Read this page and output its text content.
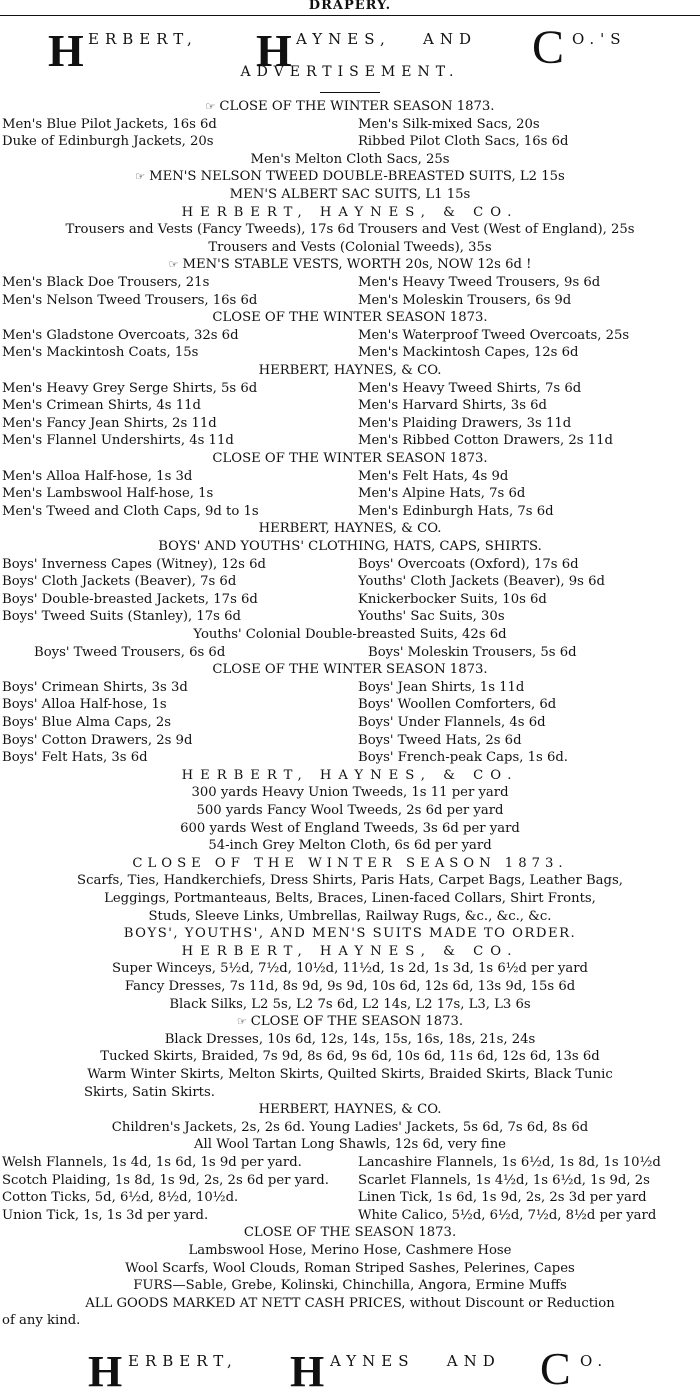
DRAPERY.
H ERBERT, H AYNES,   AND C O.'S
ADVERTISEMENT.
☞ CLOSE OF THE WINTER SEASON 1873.
Men's Blue Pilot Jackets, 16s 6d	Men's Silk-mixed Sacs, 20s
Duke of Edinburgh Jackets, 20s	Ribbed Pilot Cloth Sacs, 16s 6d
Men's Melton Cloth Sacs, 25s
☞ MEN'S NELSON TWEED DOUBLE-BREASTED SUITS, L2 15s
MEN'S ALBERT SAC SUITS, L1 15s
HERBERT, HAYNES, & CO.
Trousers and Vests (Fancy Tweeds), 17s 6d Trousers and Vest (West of England), 25s
Trousers and Vests (Colonial Tweeds), 35s
☞ MEN'S STABLE VESTS, WORTH 20s, NOW 12s 6d !
Men's Black Doe Trousers, 21s	Men's Heavy Tweed Trousers, 9s 6d
Men's Nelson Tweed Trousers, 16s 6d	Men's Moleskin Trousers, 6s 9d
CLOSE OF THE WINTER SEASON 1873.
Men's Gladstone Overcoats, 32s 6d	Men's Waterproof Tweed Overcoats, 25s
Men's Mackintosh Coats, 15s	Men's Mackintosh Capes, 12s 6d
HERBERT, HAYNES, & CO.
Men's Heavy Grey Serge Shirts, 5s 6d	Men's Heavy Tweed Shirts, 7s 6d
Men's Crimean Shirts, 4s 11d	Men's Harvard Shirts, 3s 6d
Men's Fancy Jean Shirts, 2s 11d	Men's Plaiding Drawers, 3s 11d
Men's Flannel Undershirts, 4s 11d	Men's Ribbed Cotton Drawers, 2s 11d
CLOSE OF THE WINTER SEASON 1873.
Men's Alloa Half-hose, 1s 3d	Men's Felt Hats, 4s 9d
Men's Lambswool Half-hose, 1s	Men's Alpine Hats, 7s 6d
Men's Tweed and Cloth Caps, 9d to 1s	Men's Edinburgh Hats, 7s 6d
HERBERT, HAYNES, & CO.
BOYS' AND YOUTHS' CLOTHING, HATS, CAPS, SHIRTS.
Boys' Inverness Capes (Witney), 12s 6d	Boys' Overcoats (Oxford), 17s 6d
Boys' Cloth Jackets (Beaver), 7s 6d	Youths' Cloth Jackets (Beaver), 9s 6d
Boys' Double-breasted Jackets, 17s 6d	Knickerbocker Suits, 10s 6d
Boys' Tweed Suits (Stanley), 17s 6d	Youths' Sac Suits, 30s
Youths' Colonial Double-breasted Suits, 42s 6d
Boys' Tweed Trousers, 6s 6d	Boys' Moleskin Trousers, 5s 6d
CLOSE OF THE WINTER SEASON 1873.
Boys' Crimean Shirts, 3s 3d	Boys' Jean Shirts, 1s 11d
Boys' Alloa Half-hose, 1s	Boys' Woollen Comforters, 6d
Boys' Blue Alma Caps, 2s	Boys' Under Flannels, 4s 6d
Boys' Cotton Drawers, 2s 9d	Boys' Tweed Hats, 2s 6d
Boys' Felt Hats, 3s 6d	Boys' French-peak Caps, 1s 6d.
HERBERT, HAYNES, & CO.
300 yards Heavy Union Tweeds, 1s 11 per yard
500 yards Fancy Wool Tweeds, 2s 6d per yard
600 yards West of England Tweeds, 3s 6d per yard
54-inch Grey Melton Cloth, 6s 6d per yard
CLOSE OF THE WINTER SEASON 1873.
Scarfs, Ties, Handkerchiefs, Dress Shirts, Paris Hats, Carpet Bags, Leather Bags,
Leggings, Portmanteaus, Belts, Braces, Linen-faced Collars, Shirt Fronts,
Studs, Sleeve Links, Umbrellas, Railway Rugs, &c., &c., &c.
BOYS', YOUTHS', AND MEN'S SUITS MADE TO ORDER.
HERBERT, HAYNES, & CO.
Super Winceys, 5½d, 7½d, 10½d, 11½d, 1s 2d, 1s 3d, 1s 6½d per yard
Fancy Dresses, 7s 11d, 8s 9d, 9s 9d, 10s 6d, 12s 6d, 13s 9d, 15s 6d
Black Silks, L2 5s, L2 7s 6d, L2 14s, L2 17s, L3, L3 6s
☞ CLOSE OF THE SEASON 1873.
Black Dresses, 10s 6d, 12s, 14s, 15s, 16s, 18s, 21s, 24s
Tucked Skirts, Braided, 7s 9d, 8s 6d, 9s 6d, 10s 6d, 11s 6d, 12s 6d, 13s 6d
Warm Winter Skirts, Melton Skirts, Quilted Skirts, Braided Skirts, Black Tunic
Skirts, Satin Skirts.
HERBERT, HAYNES, & CO.
Children's Jackets, 2s, 2s 6d. Young Ladies' Jackets, 5s 6d, 7s 6d, 8s 6d
All Wool Tartan Long Shawls, 12s 6d, very fine
Welsh Flannels, 1s 4d, 1s 6d, 1s 9d per yard.	Lancashire Flannels, 1s 6½d, 1s 8d, 1s 10½d
Scotch Plaiding, 1s 8d, 1s 9d, 2s, 2s 6d per yard. Scarlet Flannels, 1s 4½d, 1s 6½d, 1s 9d, 2s
Cotton Ticks, 5d, 6½d, 8½d, 10½d.	Linen Tick, 1s 6d, 1s 9d, 2s, 2s 3d per yard
Union Tick, 1s, 1s 3d per yard.	White Calico, 5½d, 6½d, 7½d, 8½d per yard
CLOSE OF THE SEASON 1873.
Lambswool Hose, Merino Hose, Cashmere Hose
Wool Scarfs, Wool Clouds, Roman Striped Sashes, Pelerines, Capes
FURS—Sable, Grebe, Kolinski, Chinchilla, Angora, Ermine Muffs
ALL GOODS MARKED AT NETT CASH PRICES, without Discount or Reduction
of any kind.
H ERBERT, H AYNES   AND C O.
